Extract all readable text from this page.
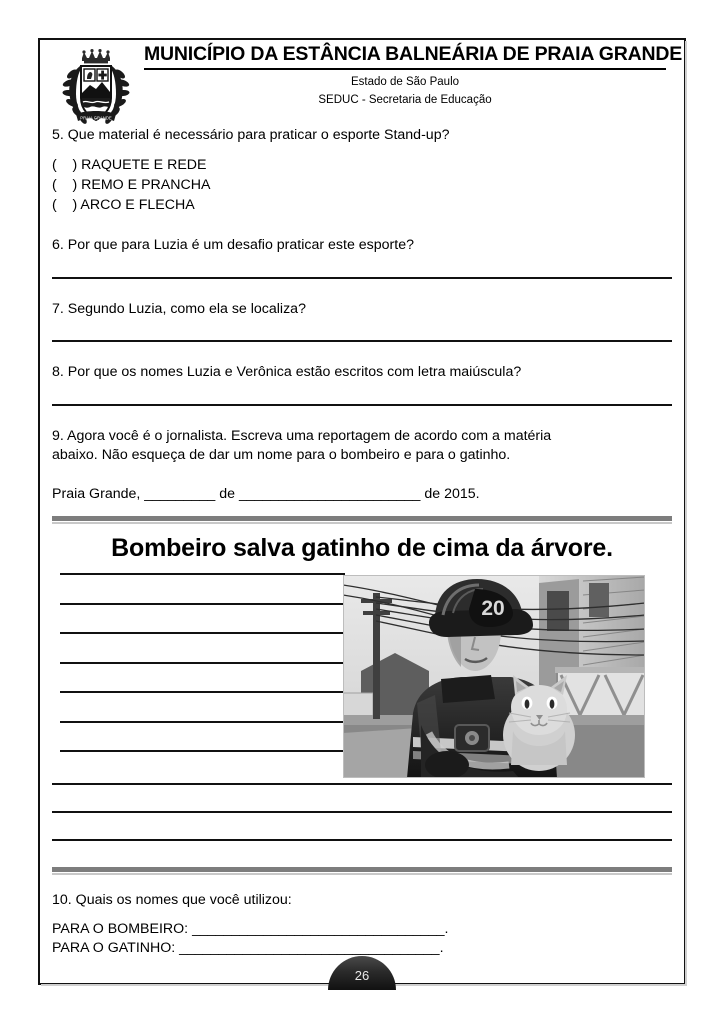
PRAIA GRANDE
MUNICÍPIO DA ESTÂNCIA BALNEÁRIA DE PRAIA GRANDE
Estado de São Paulo
SEDUC - Secretaria de Educação

5. Que material é necessário para praticar o esporte Stand-up?

(    ) RAQUETE E REDE
(    ) REMO E PRANCHA
(    ) ARCO E FLECHA

6. Por que para Luzia é um desafio praticar este esporte?

7. Segundo Luzia, como ela se localiza?

8. Por que os nomes Luzia e Verônica estão escritos com letra maiúscula?

9. Agora você é o jornalista. Escreva uma reportagem de acordo com a matéria

abaixo. Não esqueça de dar um nome para o bombeiro e para o gatinho.

Praia Grande, _________ de _______________________ de 2015.
Bombeiro salva gatinho de cima da árvore.
20
10. Quais os nomes que você utilizou:
PARA O BOMBEIRO: ________________________________.
PARA O GATINHO: _________________________________.
26
